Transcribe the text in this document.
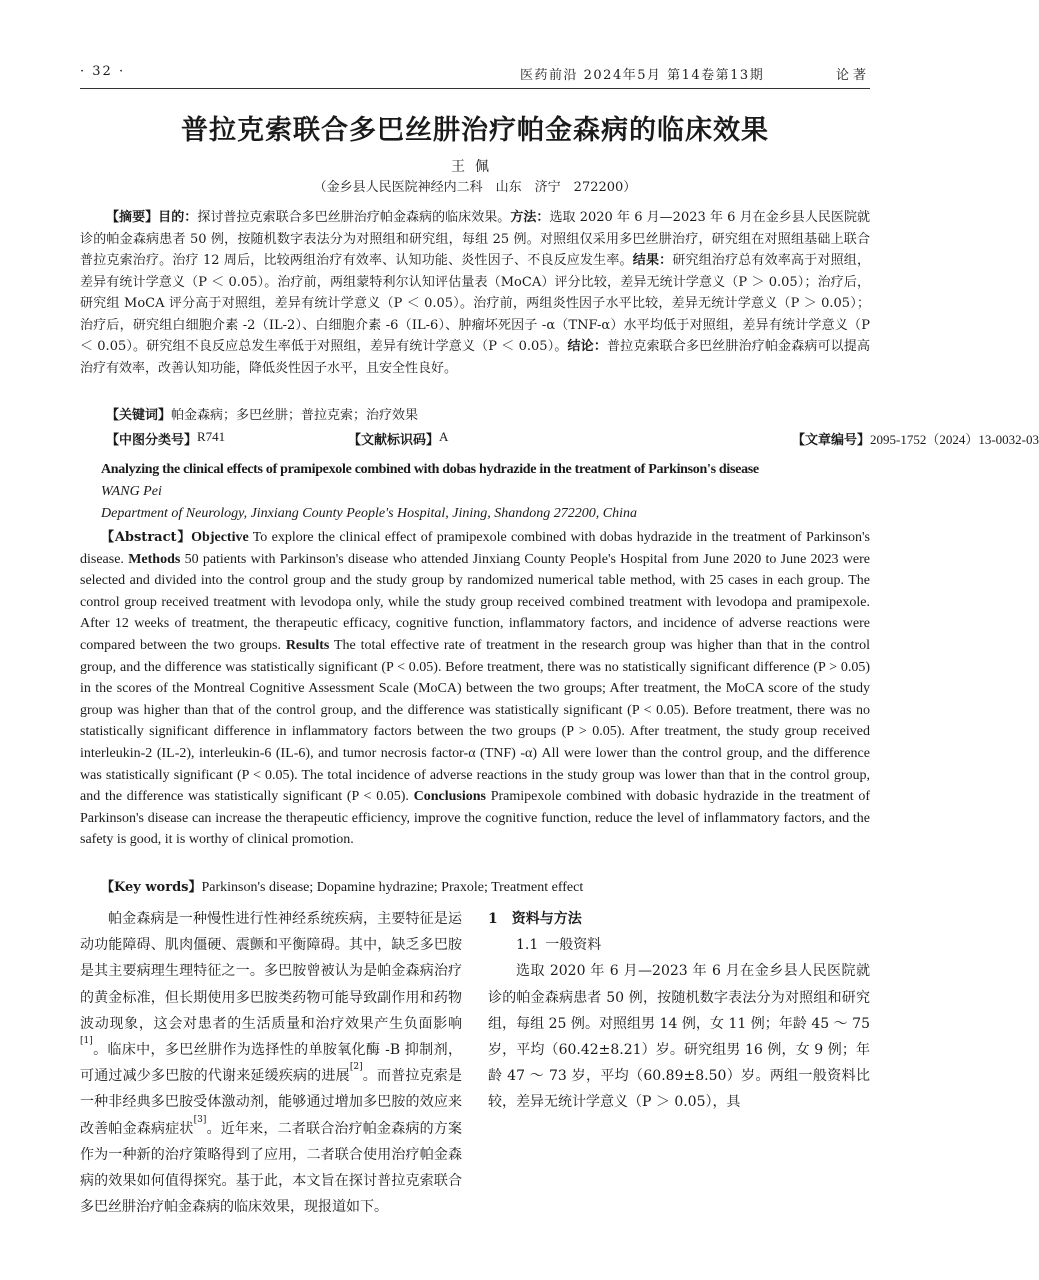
· 32 ·	医药前沿 2024年5月 第14卷第13期	论著
普拉克索联合多巴丝肼治疗帕金森病的临床效果
王佩
（金乡县人民医院神经内二科　山东　济宁　272200）

【摘要】目的：探讨普拉克索联合多巴丝肼治疗帕金森病的临床效果。方法：选取 2020 年 6 月—2023 年 6 月在金乡县人民医院就诊的帕金森病患者 50 例，按随机数字表法分为对照组和研究组，每组 25 例。对照组仅采用多巴丝肼治疗，研究组在对照组基础上联合普拉克索治疗。治疗 12 周后，比较两组治疗有效率、认知功能、炎性因子、不良反应发生率。结果：研究组治疗总有效率高于对照组，差异有统计学意义（P ＜ 0.05）。治疗前，两组蒙特利尔认知评估量表（MoCA）评分比较，差异无统计学意义（P ＞ 0.05）；治疗后，研究组 MoCA 评分高于对照组，差异有统计学意义（P ＜ 0.05）。治疗前，两组炎性因子水平比较，差异无统计学意义（P ＞ 0.05）；治疗后，研究组白细胞介素 -2（IL-2）、白细胞介素 -6（IL-6）、肿瘤坏死因子 -α（TNF-α）水平均低于对照组，差异有统计学意义（P ＜ 0.05）。研究组不良反应总发生率低于对照组，差异有统计学意义（P ＜ 0.05）。结论：普拉克索联合多巴丝肼治疗帕金森病可以提高治疗有效率，改善认知功能，降低炎性因子水平，且安全性良好。

【关键词】帕金森病；多巴丝肼；普拉克索；治疗效果
【中图分类号】 R741	【文献标识码】 A	【文章编号】 2095-1752（2024）13-0032-03
Analyzing the clinical effects of pramipexole combined with dobas hydrazide in the treatment of Parkinson's disease
WANG Pei
Department of Neurology, Jinxiang County People's Hospital, Jining, Shandong 272200, China

【Abstract】Objective To explore the clinical effect of pramipexole combined with dobas hydrazide in the treatment of Parkinson's disease. Methods 50 patients with Parkinson's disease who attended Jinxiang County People's Hospital from June 2020 to June 2023 were selected and divided into the control group and the study group by randomized numerical table method, with 25 cases in each group. The control group received treatment with levodopa only, while the study group received combined treatment with levodopa and pramipexole. After 12 weeks of treatment, the therapeutic efficacy, cognitive function, inflammatory factors, and incidence of adverse reactions were compared between the two groups. Results The total effective rate of treatment in the research group was higher than that in the control group, and the difference was statistically significant (P < 0.05). Before treatment, there was no statistically significant difference (P > 0.05) in the scores of the Montreal Cognitive Assessment Scale (MoCA) between the two groups; After treatment, the MoCA score of the study group was higher than that of the control group, and the difference was statistically significant (P < 0.05). Before treatment, there was no statistically significant difference in inflammatory factors between the two groups (P > 0.05). After treatment, the study group received interleukin-2 (IL-2), interleukin-6 (IL-6), and tumor necrosis factor-α (TNF) -α) All were lower than the control group, and the difference was statistically significant (P < 0.05). The total incidence of adverse reactions in the study group was lower than that in the control group, and the difference was statistically significant (P < 0.05). Conclusions Pramipexole combined with dobasic hydrazide in the treatment of Parkinson's disease can increase the therapeutic efficiency, improve the cognitive function, reduce the level of inflammatory factors, and the safety is good, it is worthy of clinical promotion.

【Key words】Parkinson's disease; Dopamine hydrazine; Praxole; Treatment effect

帕金森病是一种慢性进行性神经系统疾病，主要特征是运动功能障碍、肌肉僵硬、震颤和平衡障碍。其中，缺乏多巴胺是其主要病理生理特征之一。多巴胺曾被认为是帕金森病治疗的黄金标准，但长期使用多巴胺类药物可能导致副作用和药物波动现象，这会对患者的生活质量和治疗效果产生负面影响[1]。临床中，多巴丝肼作为选择性的单胺氧化酶 -B 抑制剂，可通过减少多巴胺的代谢来延缓疾病的进展[2]。而普拉克索是一种非经典多巴胺受体激动剂，能够通过增加多巴胺的效应来改善帕金森病症状[3]。近年来，二者联合治疗帕金森病的方案作为一种新的治疗策略得到了应用，二者联合使用治疗帕金森病的效果如何值得探究。基于此，本文旨在探讨普拉克索联合多巴丝肼治疗帕金森病的临床效果，现报道如下。

1　 资料与方法

1.1  一般资料

选取 2020 年 6 月—2023 年 6 月在金乡县人民医院就诊的帕金森病患者 50 例，按随机数字表法分为对照组和研究组，每组 25 例。对照组男 14 例，女 11 例；年龄 45 ～ 75 岁，平均（60.42±8.21）岁。研究组男 16 例，女 9 例；年龄 47 ～ 73 岁，平均（60.89±8.50）岁。两组一般资料比较，差异无统计学意义（P ＞ 0.05），具
